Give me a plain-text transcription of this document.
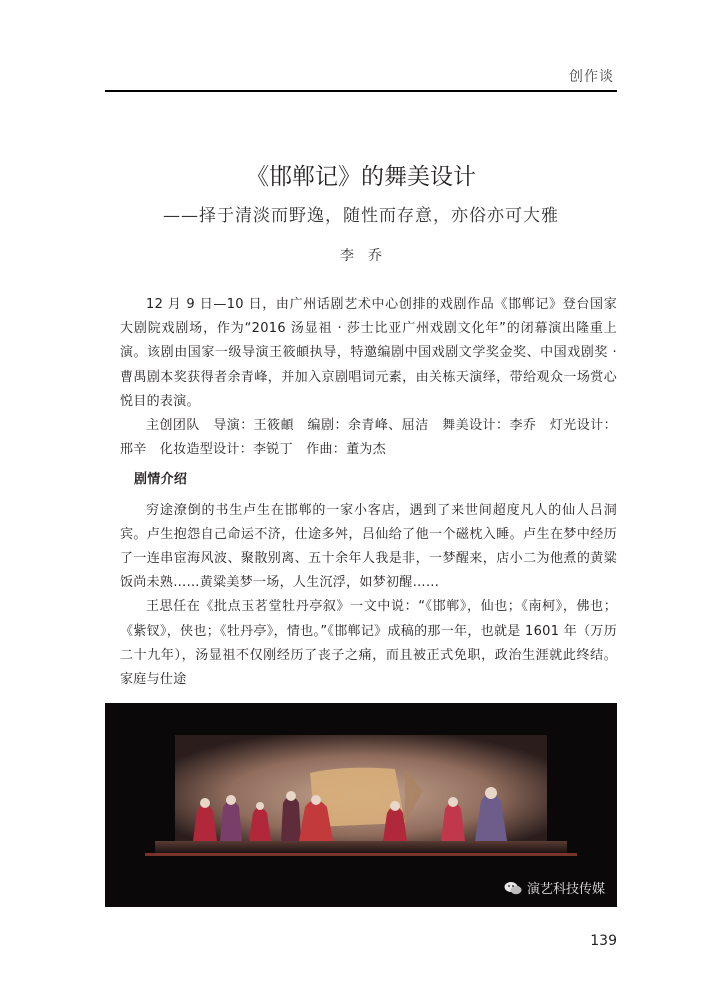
创作谈
《邯郸记》的舞美设计
——择于清淡而野逸，随性而存意，亦俗亦可大雅
李　乔

12 月 9 日—10 日，由广州话剧艺术中心创排的戏剧作品《邯郸记》登台国家大剧院戏剧场，作为“2016 汤显祖 · 莎士比亚广州戏剧文化年”的闭幕演出隆重上演。该剧由国家一级导演王筱頔执导，特邀编剧中国戏剧文学奖金奖、中国戏剧奖 · 曹禺剧本奖获得者余青峰，并加入京剧唱词元素，由关栋天演绎，带给观众一场赏心悦目的表演。

主创团队　导演：王筱頔　编剧：余青峰、屈洁　舞美设计：李乔　灯光设计：邢辛　化妆造型设计：李锐丁　作曲：董为杰

剧情介绍

穷途潦倒的书生卢生在邯郸的一家小客店，遇到了来世间超度凡人的仙人吕洞宾。卢生抱怨自己命运不济，仕途多舛，吕仙给了他一个磁枕入睡。卢生在梦中经历了一连串宦海风波、聚散别离、五十余年人我是非，一梦醒来，店小二为他煮的黄粱饭尚未熟……黄粱美梦一场，人生沉浮，如梦初醒……

王思任在《批点玉茗堂牡丹亭叙》一文中说：“《邯郸》，仙也；《南柯》，佛也；《紫钗》，侠也；《牡丹亭》，情也。”《邯郸记》成稿的那一年，也就是 1601 年（万历二十九年），汤显祖不仅刚经历了丧子之痛，而且被正式免职，政治生涯就此终结。家庭与仕途

演艺科技传媒
139
